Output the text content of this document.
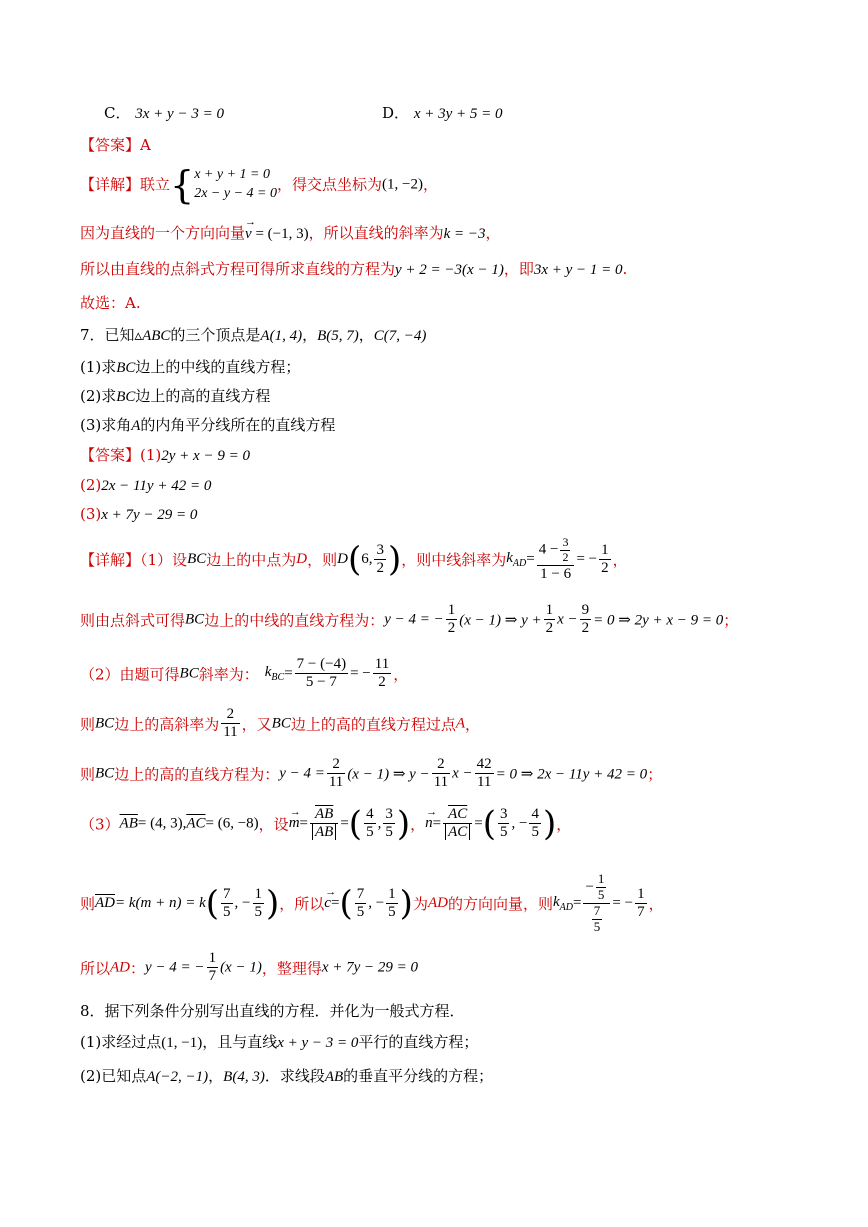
C． 3x + y − 3 = 0	D． x + 3y + 5 = 0
【答案】A
【详解】联立{ x + y + 1 = 0
2x − y − 4 = 0 ，得交点坐标为(1, −2)，
因为直线的一个方向向量
→
v = (−1, 3)，所以直线的斜率为k = −3，
所以由直线的点斜式方程可得所求直线的方程为y + 2 = −3(x − 1)，即3x + y − 1 = 0.
故选：A.
7．已知▵ABC的三个顶点是A(1, 4)，B(5, 7)，C(7, −4)
(1)求BC边上的中线的直线方程；
(2)求BC边上的高的直线方程
(3)求角A的内角平分线所在的直线方程
【答案】(1)2y + x − 9 = 0
(2)2x − 11y + 42 = 0
(3)x + 7y − 29 = 0
【详解】（1）设BC边上的中点为D，则D(6, $\frac{3}{2}$ )，则中线斜率为$k_{AD}= \frac{4 - \frac{3}{2}}{1 - 6}$ = − $\frac{1}{2}$ ，
则由点斜式可得BC边上的中线的直线方程为：y − 4 = − $\frac{1}{2} (x - 1)$ ⇒ $y + \frac{1}{2}$ $x - \frac{9}{2} = 0$ ⇒ 2y + x − 9 = 0；
（2）由题可得BC斜率为： $k_{BC}= \frac{7 - (-4)}{5 - 7}$ = − $\frac{11}{2}$ ，
则BC边上的高斜率为 $\frac{2}{11}$ ，又BC边上的高的直线方程过点A，
则BC边上的高的直线方程为：$y - 4 = \frac{2}{11} (x - 1)$ ⇒ $y - \frac{2}{11}$ $x - \frac{42}{11} = 0$ ⇒ 2x − 11y + 42 = 0；
$(3)\overline{AB}= (4$, $3),\overline{AC}= (6$, −8)，设
→
$m= \frac{\overline{AB}}{AB}$ =( $\frac{4}{5}$ , $\frac{3}{5}$ )，
→
$n= \frac{\overline{AC}}{AC}$ =( $\frac{3}{5}$ , − $\frac{4}{5}$ )，
则$\overline{AD}= k(m + n) = k( \frac{7}{5}$ , − $\frac{1}{5}$ )，所以
→
$c=( \frac{7}{5}$ , − $\frac{1}{5}$ )为AD的方向向量，则$k_{AD}= \frac{- \frac{1}{5}}{\frac{7}{5}}$ = − $\frac{1}{7}$ ，
所以AD：y − 4 = − $\frac{1}{7} (x - 1)$，整理得x + 7y − 29 = 0
8．据下列条件分别写出直线的方程．并化为一般式方程．
(1)求经过点(1, −1)，且与直线x + y − 3 = 0平行的直线方程；
(2)已知点A(−2, −1)，B(4, 3)．求线段AB的垂直平分线的方程；
